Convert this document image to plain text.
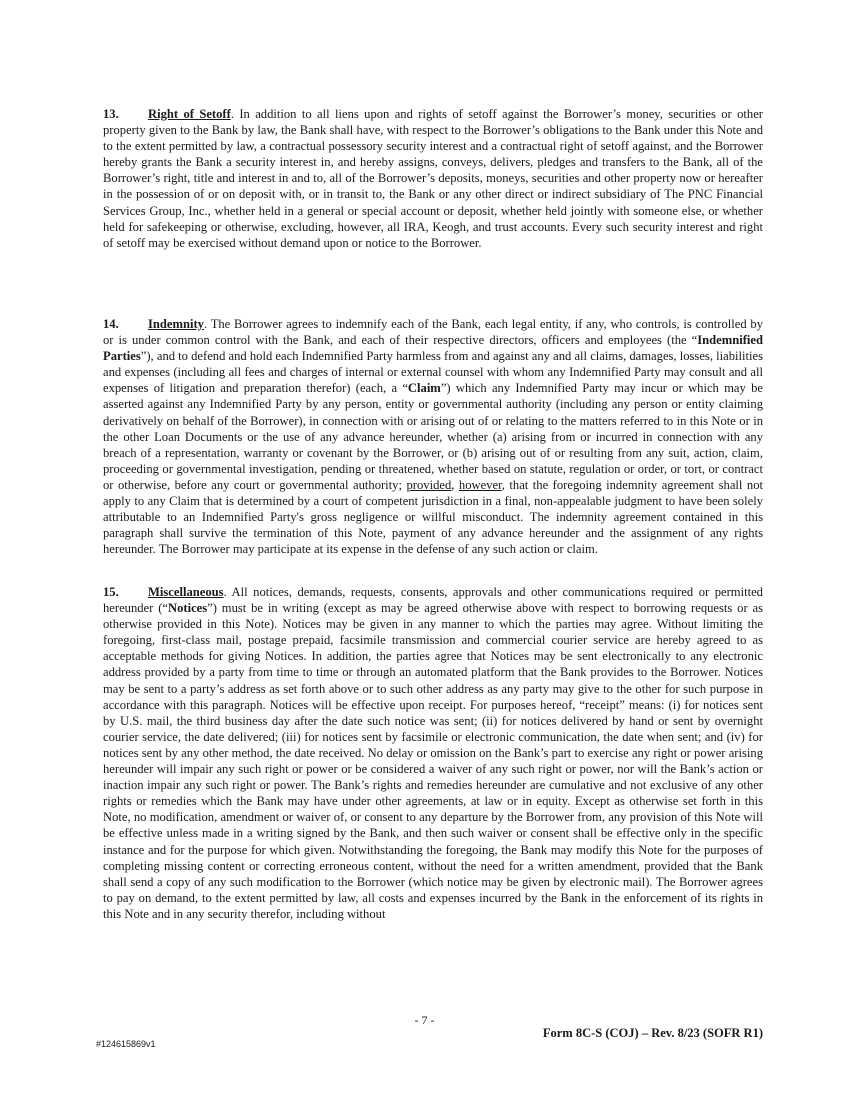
13. Right of Setoff. In addition to all liens upon and rights of setoff against the Borrower’s money, securities or other property given to the Bank by law, the Bank shall have, with respect to the Borrower’s obligations to the Bank under this Note and to the extent permitted by law, a contractual possessory security interest and a contractual right of setoff against, and the Borrower hereby grants the Bank a security interest in, and hereby assigns, conveys, delivers, pledges and transfers to the Bank, all of the Borrower’s right, title and interest in and to, all of the Borrower’s deposits, moneys, securities and other property now or hereafter in the possession of or on deposit with, or in transit to, the Bank or any other direct or indirect subsidiary of The PNC Financial Services Group, Inc., whether held in a general or special account or deposit, whether held jointly with someone else, or whether held for safekeeping or otherwise, excluding, however, all IRA, Keogh, and trust accounts. Every such security interest and right of setoff may be exercised without demand upon or notice to the Borrower.

14. Indemnity. The Borrower agrees to indemnify each of the Bank, each legal entity, if any, who controls, is controlled by or is under common control with the Bank, and each of their respective directors, officers and employees (the “Indemnified Parties”), and to defend and hold each Indemnified Party harmless from and against any and all claims, damages, losses, liabilities and expenses (including all fees and charges of internal or external counsel with whom any Indemnified Party may consult and all expenses of litigation and preparation therefor) (each, a “Claim”) which any Indemnified Party may incur or which may be asserted against any Indemnified Party by any person, entity or governmental authority (including any person or entity claiming derivatively on behalf of the Borrower), in connection with or arising out of or relating to the matters referred to in this Note or in the other Loan Documents or the use of any advance hereunder, whether (a) arising from or incurred in connection with any breach of a representation, warranty or covenant by the Borrower, or (b) arising out of or resulting from any suit, action, claim, proceeding or governmental investigation, pending or threatened, whether based on statute, regulation or order, or tort, or contract or otherwise, before any court or governmental authority; provided, however, that the foregoing indemnity agreement shall not apply to any Claim that is determined by a court of competent jurisdiction in a final, non-appealable judgment to have been solely attributable to an Indemnified Party's gross negligence or willful misconduct. The indemnity agreement contained in this paragraph shall survive the termination of this Note, payment of any advance hereunder and the assignment of any rights hereunder. The Borrower may participate at its expense in the defense of any such action or claim.

15. Miscellaneous. All notices, demands, requests, consents, approvals and other communications required or permitted hereunder (“Notices”) must be in writing (except as may be agreed otherwise above with respect to borrowing requests or as otherwise provided in this Note). Notices may be given in any manner to which the parties may agree. Without limiting the foregoing, first-class mail, postage prepaid, facsimile transmission and commercial courier service are hereby agreed to as acceptable methods for giving Notices. In addition, the parties agree that Notices may be sent electronically to any electronic address provided by a party from time to time or through an automated platform that the Bank provides to the Borrower. Notices may be sent to a party’s address as set forth above or to such other address as any party may give to the other for such purpose in accordance with this paragraph. Notices will be effective upon receipt. For purposes hereof, “receipt” means: (i) for notices sent by U.S. mail, the third business day after the date such notice was sent; (ii) for notices delivered by hand or sent by overnight courier service, the date delivered; (iii) for notices sent by facsimile or electronic communication, the date when sent; and (iv) for notices sent by any other method, the date received. No delay or omission on the Bank’s part to exercise any right or power arising hereunder will impair any such right or power or be considered a waiver of any such right or power, nor will the Bank’s action or inaction impair any such right or power. The Bank’s rights and remedies hereunder are cumulative and not exclusive of any other rights or remedies which the Bank may have under other agreements, at law or in equity. Except as otherwise set forth in this Note, no modification, amendment or waiver of, or consent to any departure by the Borrower from, any provision of this Note will be effective unless made in a writing signed by the Bank, and then such waiver or consent shall be effective only in the specific instance and for the purpose for which given. Notwithstanding the foregoing, the Bank may modify this Note for the purposes of completing missing content or correcting erroneous content, without the need for a written amendment, provided that the Bank shall send a copy of any such modification to the Borrower (which notice may be given by electronic mail). The Borrower agrees to pay on demand, to the extent permitted by law, all costs and expenses incurred by the Bank in the enforcement of its rights in this Note and in any security therefor, including without

- 7 -
Form 8C-S (COJ) – Rev. 8/23 (SOFR R1)
#124615869v1
